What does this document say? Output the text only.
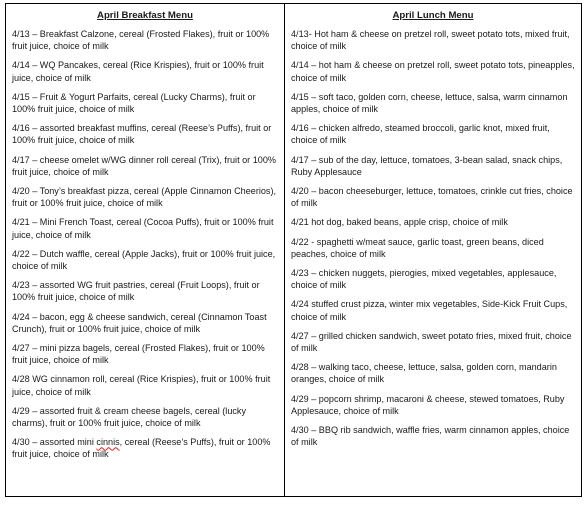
April Breakfast Menu
4/13 – Breakfast Calzone, cereal (Frosted Flakes), fruit or 100% fruit juice, choice of milk
4/14 – WQ Pancakes, cereal (Rice Krispies), fruit or 100% fruit juice, choice of milk
4/15 – Fruit & Yogurt Parfaits, cereal (Lucky Charms), fruit or 100% fruit juice, choice of milk
4/16 – assorted breakfast muffins, cereal (Reese’s Puffs), fruit or 100% fruit juice, choice of milk
4/17 – cheese omelet w/WG dinner roll cereal (Trix), fruit or 100% fruit juice, choice of milk
4/20 – Tony’s breakfast pizza, cereal (Apple Cinnamon Cheerios), fruit or 100% fruit juice, choice of milk
4/21 – Mini French Toast, cereal (Cocoa Puffs), fruit or 100% fruit juice, choice of milk
4/22 – Dutch waffle, cereal (Apple Jacks), fruit or 100% fruit juice, choice of milk
4/23 – assorted WG fruit pastries, cereal (Fruit Loops), fruit or 100% fruit juice, choice of milk
4/24 – bacon, egg & cheese sandwich, cereal (Cinnamon Toast Crunch), fruit or 100% fruit juice, choice of milk
4/27 – mini pizza bagels, cereal (Frosted Flakes), fruit or 100% fruit juice, choice of milk
4/28 WG cinnamon roll, cereal (Rice Krispies), fruit or 100% fruit juice, choice of milk
4/29 – assorted fruit & cream cheese bagels, cereal (lucky charms), fruit or 100% fruit juice, choice of milk
4/30 – assorted mini cinnis, cereal (Reese’s Puffs), fruit or 100% fruit juice, choice of milk
April Lunch Menu
4/13- Hot ham & cheese on pretzel roll, sweet potato tots, mixed fruit, choice of milk
4/14 – hot ham & cheese on pretzel roll, sweet potato tots, pineapples, choice of milk
4/15 – soft taco, golden corn, cheese, lettuce, salsa, warm cinnamon apples, choice of milk
4/16 – chicken alfredo, steamed broccoli, garlic knot, mixed fruit, choice of milk
4/17 – sub of the day, lettuce, tomatoes, 3-bean salad, snack chips, Ruby Applesauce
4/20 – bacon cheeseburger, lettuce, tomatoes, crinkle cut fries, choice of milk
4/21 hot dog, baked beans, apple crisp, choice of milk
4/22 - spaghetti w/meat sauce, garlic toast, green beans, diced peaches, choice of milk
4/23 – chicken nuggets, pierogies, mixed vegetables, applesauce, choice of milk
4/24 stuffed crust pizza, winter mix vegetables, Side-Kick Fruit Cups, choice of milk
4/27 – grilled chicken sandwich, sweet potato fries, mixed fruit, choice of milk
4/28 – walking taco, cheese, lettuce, salsa, golden corn, mandarin oranges, choice of milk
4/29 – popcorn shrimp, macaroni & cheese, stewed tomatoes, Ruby Applesauce, choice of milk
4/30 – BBQ rib sandwich, waffle fries, warm cinnamon apples, choice of milk
